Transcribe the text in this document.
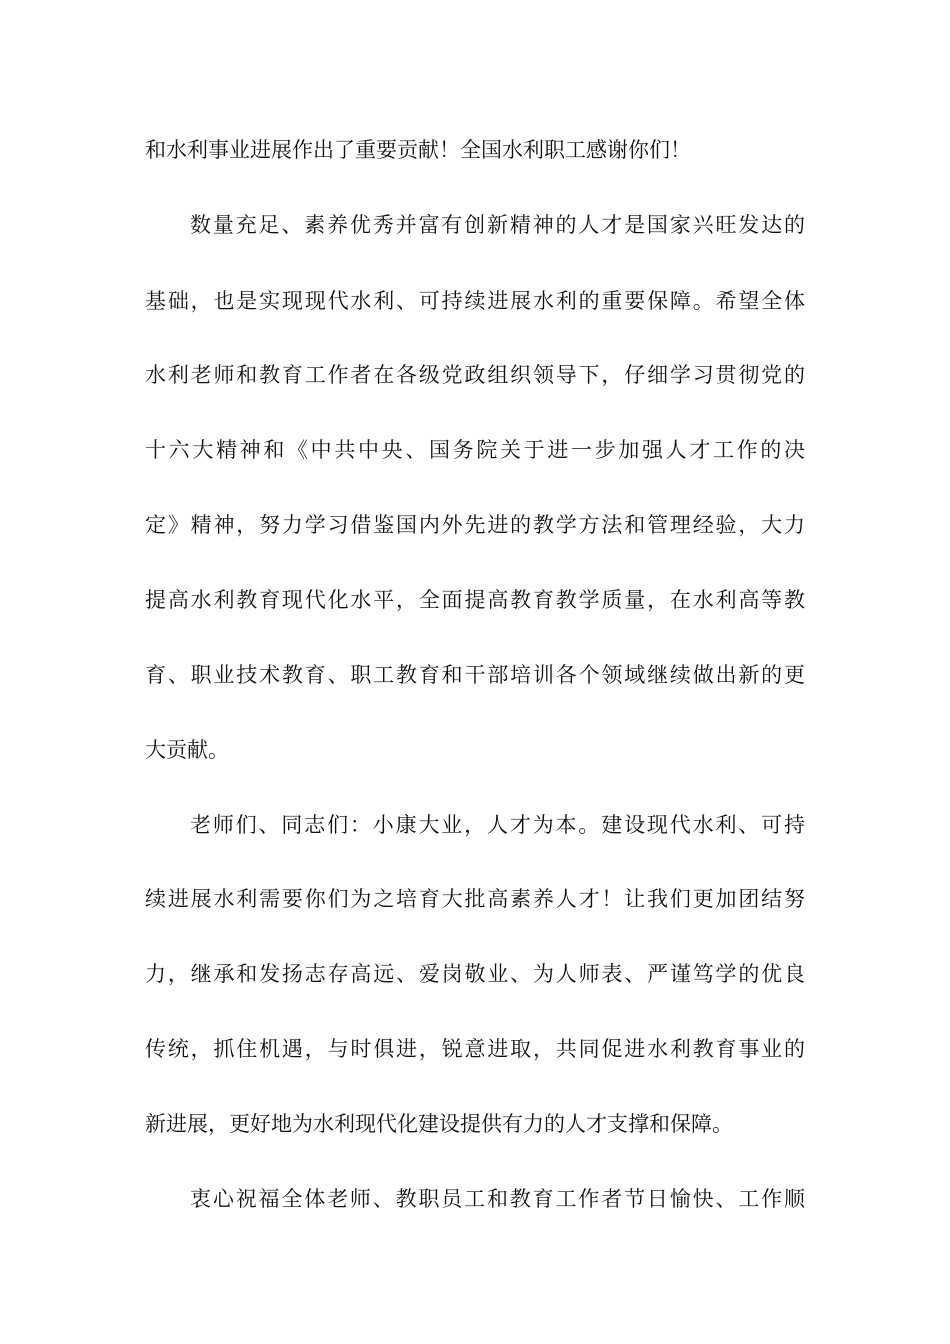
和水利事业进展作出了重要贡献！全国水利职工感谢你们！
数量充足、素养优秀并富有创新精神的人才是国家兴旺发达的
基础，也是实现现代水利、可持续进展水利的重要保障。希望全体
水利老师和教育工作者在各级党政组织领导下，仔细学习贯彻党的
十六大精神和《中共中央、国务院关于进一步加强人才工作的决
定》精神，努力学习借鉴国内外先进的教学方法和管理经验，大力
提高水利教育现代化水平，全面提高教育教学质量，在水利高等教
育、职业技术教育、职工教育和干部培训各个领域继续做出新的更
大贡献。
老师们、同志们：小康大业，人才为本。建设现代水利、可持
续进展水利需要你们为之培育大批高素养人才！让我们更加团结努
力，继承和发扬志存高远、爱岗敬业、为人师表、严谨笃学的优良
传统，抓住机遇，与时俱进，锐意进取，共同促进水利教育事业的
新进展，更好地为水利现代化建设提供有力的人才支撑和保障。
衷心祝福全体老师、教职员工和教育工作者节日愉快、工作顺
